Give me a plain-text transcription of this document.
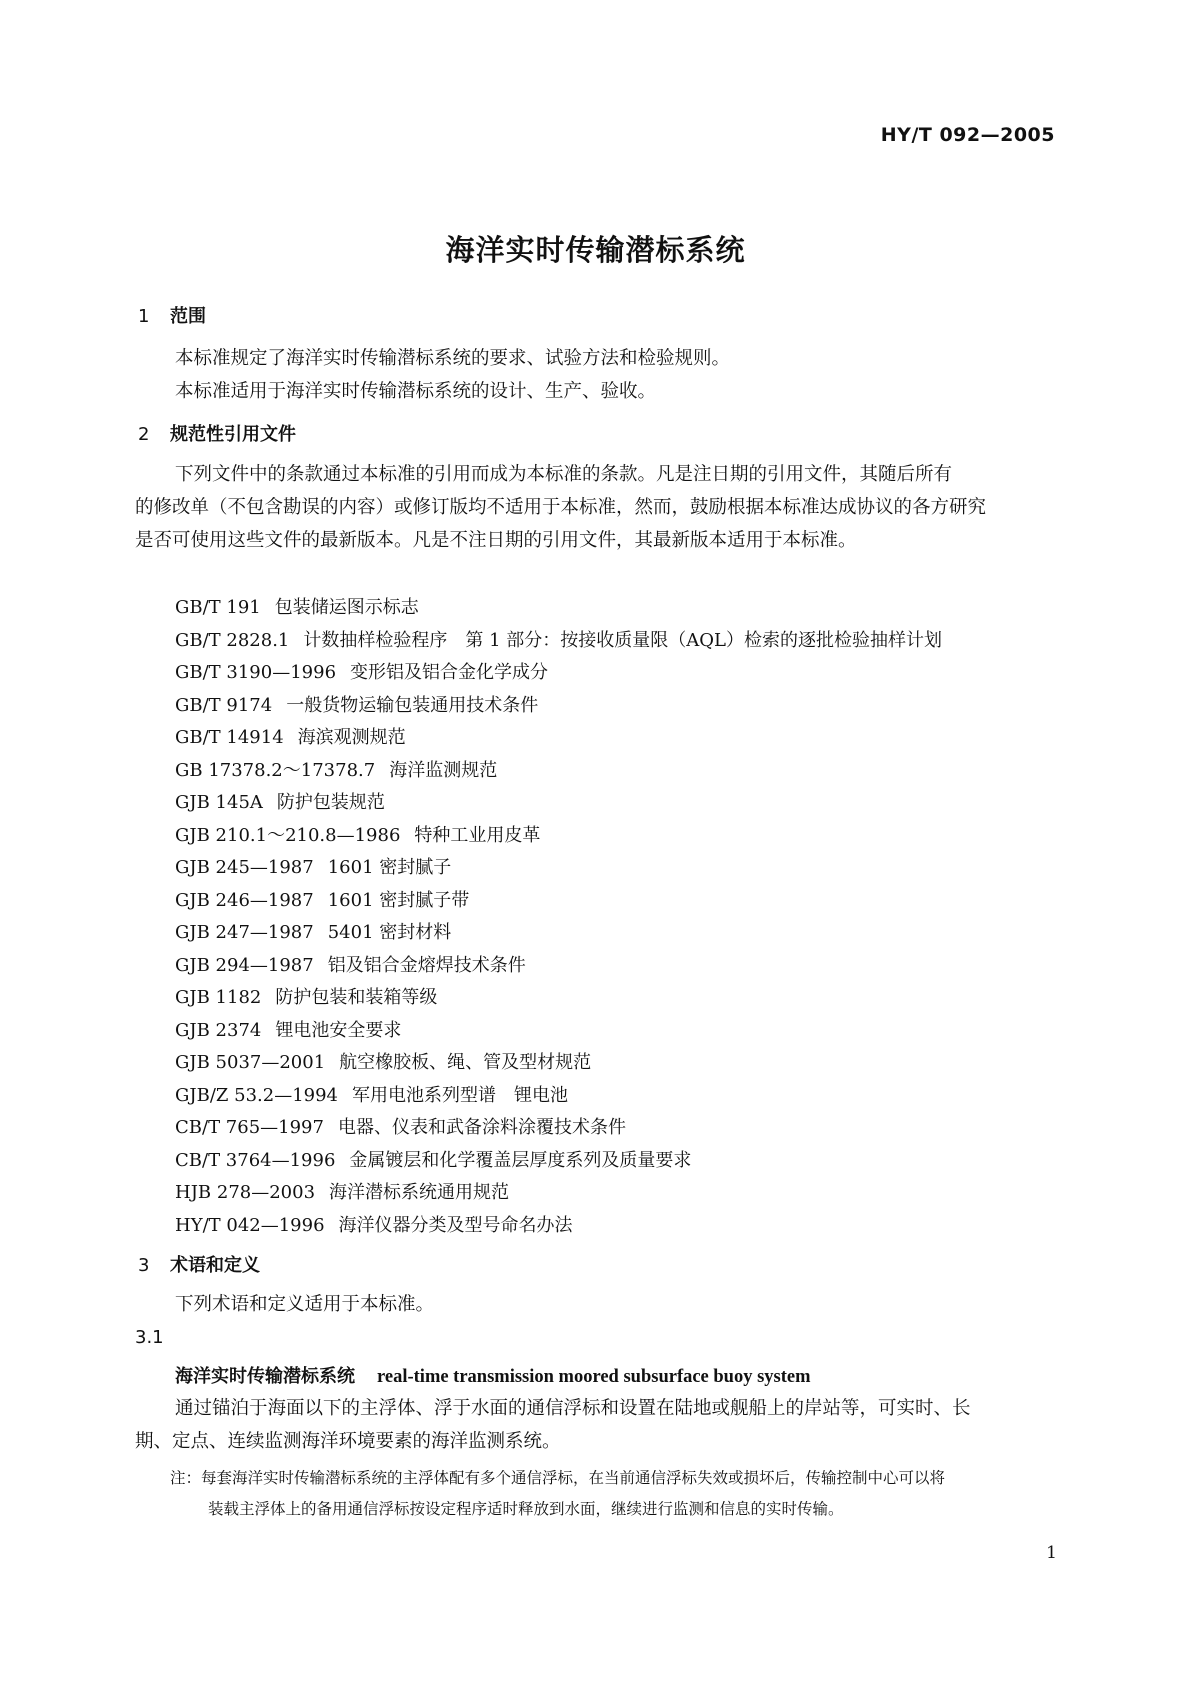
HY/T 092—2005
海洋实时传输潜标系统
1 范围
本标准规定了海洋实时传输潜标系统的要求、试验方法和检验规则。
本标准适用于海洋实时传输潜标系统的设计、生产、验收。
2 规范性引用文件
下列文件中的条款通过本标准的引用而成为本标准的条款。凡是注日期的引用文件，其随后所有
的修改单（不包含勘误的内容）或修订版均不适用于本标准，然而，鼓励根据本标准达成协议的各方研究
是否可使用这些文件的最新版本。凡是不注日期的引用文件，其最新版本适用于本标准。
GB/T 191 包装储运图示标志
GB/T 2828.1 计数抽样检验程序　第 1 部分：按接收质量限（AQL）检索的逐批检验抽样计划
GB/T 3190—1996 变形铝及铝合金化学成分
GB/T 9174 一般货物运输包装通用技术条件
GB/T 14914 海滨观测规范
GB 17378.2～17378.7 海洋监测规范
GJB 145A 防护包装规范
GJB 210.1～210.8—1986 特种工业用皮革
GJB 245—1987 1601 密封腻子
GJB 246—1987 1601 密封腻子带
GJB 247—1987 5401 密封材料
GJB 294—1987 铝及铝合金熔焊技术条件
GJB 1182 防护包装和装箱等级
GJB 2374 锂电池安全要求
GJB 5037—2001 航空橡胶板、绳、管及型材规范
GJB/Z 53.2—1994 军用电池系列型谱　锂电池
CB/T 765—1997 电器、仪表和武备涂料涂覆技术条件
CB/T 3764—1996 金属镀层和化学覆盖层厚度系列及质量要求
HJB 278—2003 海洋潜标系统通用规范
HY/T 042—1996 海洋仪器分类及型号命名办法
3 术语和定义
下列术语和定义适用于本标准。
3.1
海洋实时传输潜标系统 real-time transmission moored subsurface buoy system
通过锚泊于海面以下的主浮体、浮于水面的通信浮标和设置在陆地或舰船上的岸站等，可实时、长
期、定点、连续监测海洋环境要素的海洋监测系统。
注：每套海洋实时传输潜标系统的主浮体配有多个通信浮标，在当前通信浮标失效或损坏后，传输控制中心可以将
装载主浮体上的备用通信浮标按设定程序适时释放到水面，继续进行监测和信息的实时传输。
1
